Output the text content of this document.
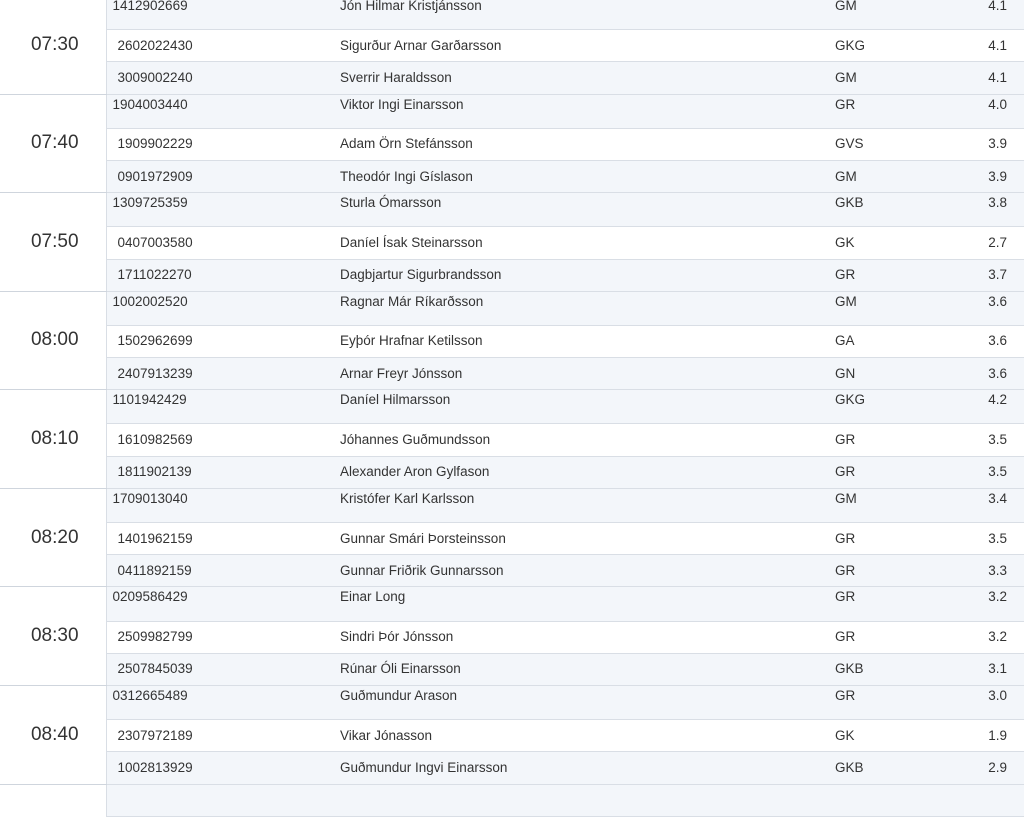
07:30	1412902669	Jón Hilmar Kristjánsson	GM	4.1
	2602022430	Sigurður Arnar Garðarsson	GKG	4.1
	3009002240	Sverrir Haraldsson	GM	4.1
07:40	1904003440	Viktor Ingi Einarsson	GR	4.0
	1909902229	Adam Örn Stefánsson	GVS	3.9
	0901972909	Theodór Ingi Gíslason	GM	3.9
07:50	1309725359	Sturla Ómarsson	GKB	3.8
	0407003580	Daníel Ísak Steinarsson	GK	2.7
	1711022270	Dagbjartur Sigurbrandsson	GR	3.7
08:00	1002002520	Ragnar Már Ríkarðsson	GM	3.6
	1502962699	Eyþór Hrafnar Ketilsson	GA	3.6
	2407913239	Arnar Freyr Jónsson	GN	3.6
08:10	1101942429	Daníel Hilmarsson	GKG	4.2
	1610982569	Jóhannes Guðmundsson	GR	3.5
	1811902139	Alexander Aron Gylfason	GR	3.5
08:20	1709013040	Kristófer Karl Karlsson	GM	3.4
	1401962159	Gunnar Smári Þorsteinsson	GR	3.5
	0411892159	Gunnar Friðrik Gunnarsson	GR	3.3
08:30	0209586429	Einar Long	GR	3.2
	2509982799	Sindri Þór Jónsson	GR	3.2
	2507845039	Rúnar Óli Einarsson	GKB	3.1
08:40	0312665489	Guðmundur Arason	GR	3.0
	2307972189	Vikar Jónasson	GK	1.9
	1002813929	Guðmundur Ingvi Einarsson	GKB	2.9
